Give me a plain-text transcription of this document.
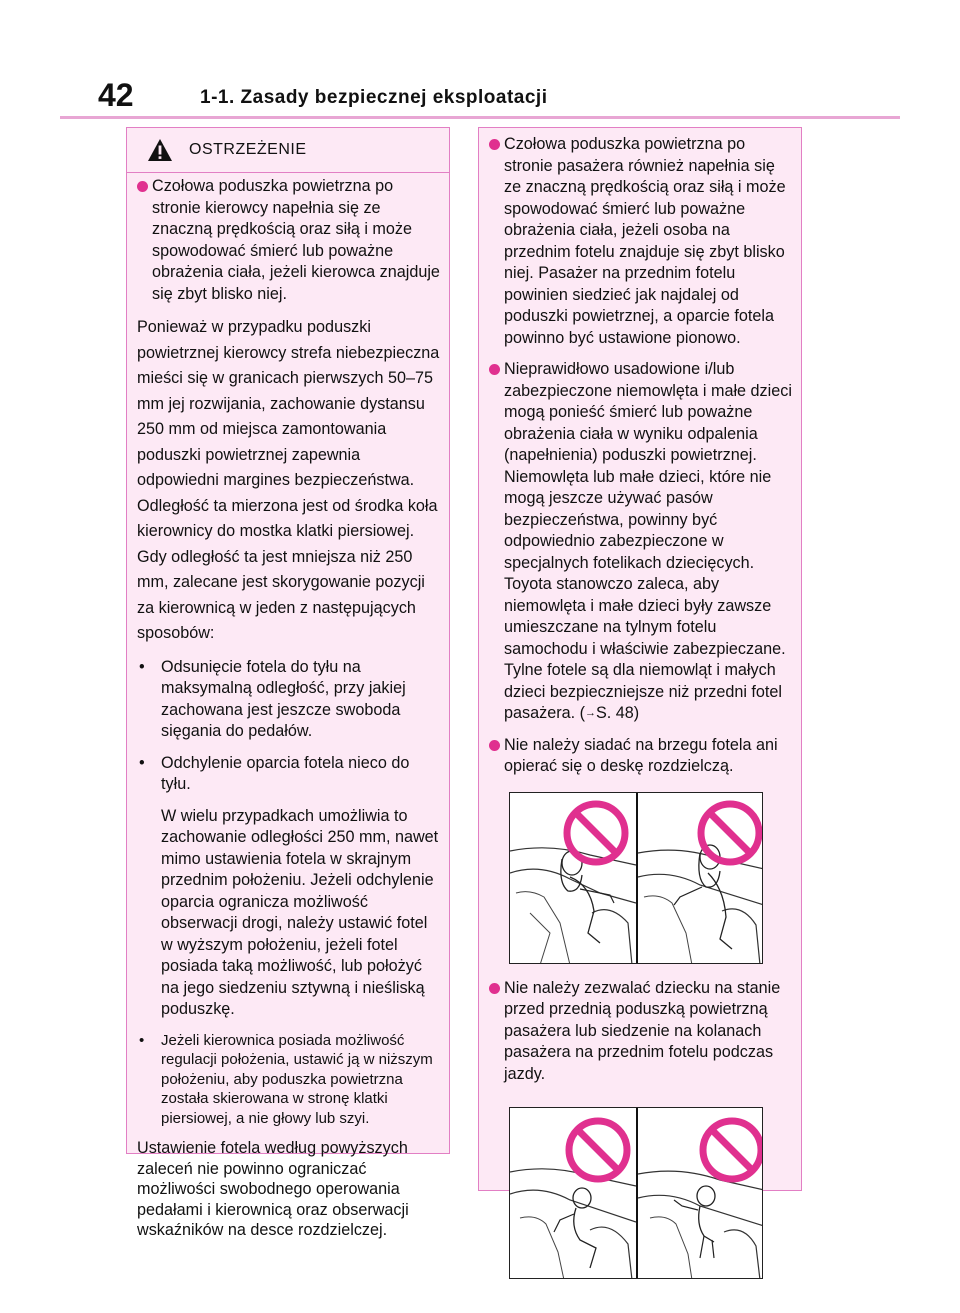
42	1-1. Zasady bezpiecznej eksploatacji
OSTRZEŻENIE
Czołowa poduszka powietrzna po stronie kierowcy napełnia się ze znaczną prędkością oraz siłą i może spowodować śmierć lub poważne obrażenia ciała, jeżeli kierowca znajduje się zbyt blisko niej.
Ponieważ w przypadku poduszki powietrznej kierowcy strefa niebezpieczna mieści się w granicach pierwszych 50–75 mm jej rozwijania, zachowanie dystansu 250 mm od miejsca zamontowania poduszki powietrznej zapewnia odpowiedni margines bezpieczeństwa. Odległość ta mierzona jest od środka koła kierownicy do mostka klatki piersiowej. Gdy odległość ta jest mniejsza niż 250 mm, zalecane jest skorygowanie pozycji za kierownicą w jeden z następujących sposobów:
• Odsunięcie fotela do tyłu na maksymalną odległość, przy jakiej zachowana jest jeszcze swoboda sięgania do pedałów.
• Odchylenie oparcia fotela nieco do tyłu.
W wielu przypadkach umożliwia to zachowanie odległości 250 mm, nawet mimo ustawienia fotela w skrajnym przednim położeniu. Jeżeli odchylenie oparcia ogranicza możliwość obserwacji drogi, należy ustawić fotel w wyższym położeniu, jeżeli fotel posiada taką możliwość, lub położyć na jego siedzeniu sztywną i nieśliską poduszkę.
• Jeżeli kierownica posiada możliwość regulacji położenia, ustawić ją w niższym położeniu, aby poduszka powietrzna została skierowana w stronę klatki piersiowej, a nie głowy lub szyi.
Ustawienie fotela według powyższych zaleceń nie powinno ograniczać możliwości swobodnego operowania pedałami i kierownicą oraz obserwacji wskaźników na desce rozdzielczej.
Czołowa poduszka powietrzna po stronie pasażera również napełnia się ze znaczną prędkością oraz siłą i może spowodować śmierć lub poważne obrażenia ciała, jeżeli osoba na przednim fotelu znajduje się zbyt blisko niej. Pasażer na przednim fotelu powinien siedzieć jak najdalej od poduszki powietrznej, a oparcie fotela powinno być ustawione pionowo.
Nieprawidłowo usadowione i/lub zabezpieczone niemowlęta i małe dzieci mogą ponieść śmierć lub poważne obrażenia ciała w wyniku odpalenia (napełnienia) poduszki powietrznej. Niemowlęta lub małe dzieci, które nie mogą jeszcze używać pasów bezpieczeństwa, powinny być odpowiednio zabezpieczone w specjalnych fotelikach dziecięcych. Toyota stanowczo zaleca, aby niemowlęta i małe dzieci były zawsze umieszczane na tylnym fotelu samochodu i właściwie zabezpieczane. Tylne fotele są dla niemowląt i małych dzieci bezpieczniejsze niż przedni fotel pasażera. (→S. 48)
Nie należy siadać na brzegu fotela ani opierać się o deskę rozdzielczą.
Nie należy zezwalać dziecku na stanie przed przednią poduszką powietrzną pasażera lub siedzenie na kolanach pasażera na przednim fotelu podczas jazdy.
